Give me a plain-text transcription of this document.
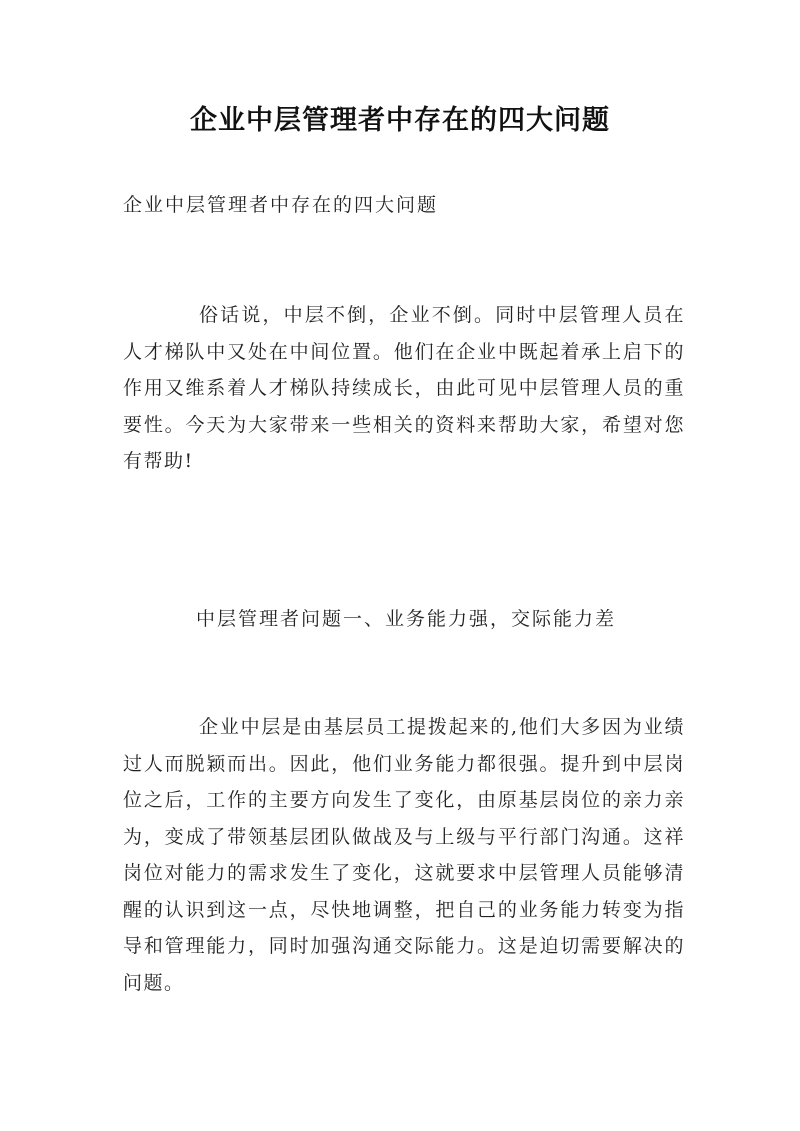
企业中层管理者中存在的四大问题

企业中层管理者中存在的四大问题

俗话说，中层不倒，企业不倒。同时中层管理人员在人才梯队中又处在中间位置。他们在企业中既起着承上启下的作用又维系着人才梯队持续成长，由此可见中层管理人员的重要性。今天为大家带来一些相关的资料来帮助大家，希望对您有帮助!

中层管理者问题一、业务能力强，交际能力差

企业中层是由基层员工提拨起来的,他们大多因为业绩过人而脱颖而出。因此，他们业务能力都很强。提升到中层岗位之后，工作的主要方向发生了变化，由原基层岗位的亲力亲为，变成了带领基层团队做战及与上级与平行部门沟通。这祥岗位对能力的需求发生了变化，这就要求中层管理人员能够清醒的认识到这一点，尽快地调整，把自己的业务能力转变为指导和管理能力，同时加强沟通交际能力。这是迫切需要解决的问题。
